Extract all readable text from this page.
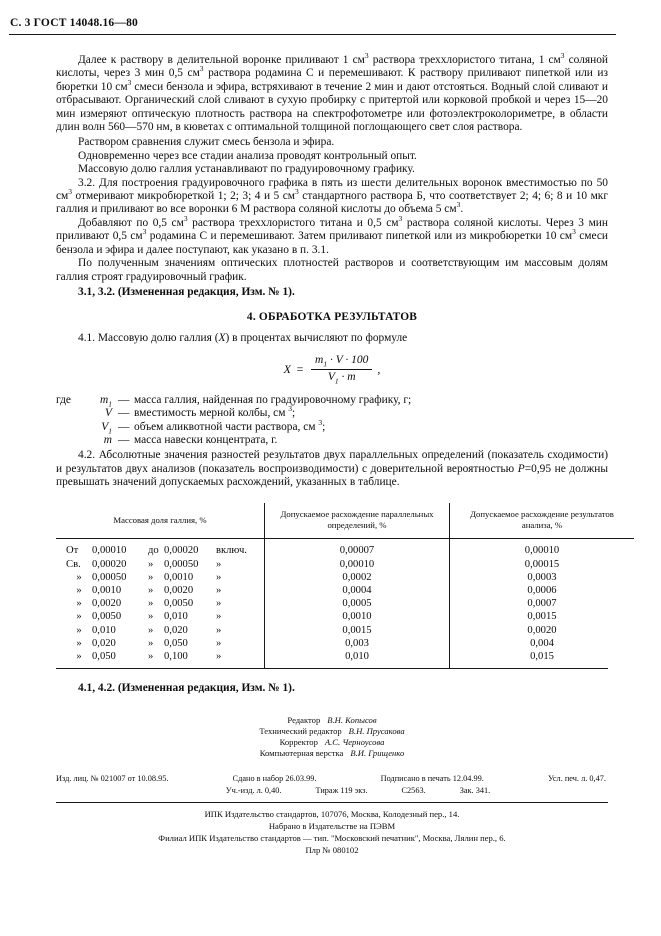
С. 3 ГОСТ 14048.16—80

Далее к раствору в делительной воронке приливают 1 $см^3$ раствора треххлористого титана, 1 $см^3$ соляной кислоты, через 3 мин 0,5 $см^3$ раствора родамина С и перемешивают. К раствору приливают пипеткой или из бюретки 10 $см^3$ смеси бензола и эфира, встряхивают в течение 2 мин и дают отстояться. Водный слой сливают и отбрасывают. Органический слой сливают в сухую пробирку с притертой или корковой пробкой и через 15—20 мин измеряют оптическую плотность раствора на спектрофотометре или фотоэлектроколориметре, в области длин волн 560—570 нм, в кюветах с оптимальной толщиной поглощающего свет слоя раствора.

Раствором сравнения служит смесь бензола и эфира.

Одновременно через все стадии анализа проводят контрольный опыт.

Массовую долю галлия устанавливают по градуировочному графику.

3.2. Для построения градуировочного графика в пять из шести делительных воронок вместимостью по 50 $см^3$ отмеривают микробюреткой 1; 2; 3; 4 и 5 $см^3$ стандартного раствора Б, что соответствует 2; 4; 6; 8 и 10 мкг галлия и приливают во все воронки 6 М раствора соляной кислоты до объема 5 $см^3$.

Добавляют по 0,5 $см^3$ раствора треххлористого титана и 0,5 $см^3$ раствора соляной кислоты. Через 3 мин приливают 0,5 $см^3$ родамина С и перемешивают. Затем приливают пипеткой или из микробюретки 10 $см^3$ смеси бензола и эфира и далее поступают, как указано в п. 3.1.

По полученным значениям оптических плотностей растворов и соответствующим им массовым долям галлия строят градуировочный график.

3.1, 3.2. (Измененная редакция, Изм. № 1).

4. ОБРАБОТКА РЕЗУЛЬТАТОВ

4.1. Массовую долю галлия (X) в процентах вычисляют по формуле

$X = \frac{m_1 \cdot V \cdot 100}{V_1 \cdot m}$ ,
где	$m_1$ — масса галлия, найденная по градуировочному графику, г;
V — вместимость мерной колбы, см $^3$;
$V_1$ — объем аликвотной части раствора, см $^3$;
m — масса навески концентрата, г.

4.2. Абсолютные значения разностей результатов двух параллельных определений (показатель сходимости) и результатов двух анализов (показатель воспроизводимости) с доверительной вероятностью P=0,95 не должны превышать значений допускаемых расхождений, указанных в таблице.

Массовая доля галлия, %	Допускаемое расхождение параллельных определений, %	Допускаемое расхождение результатов анализа, %

От 0,00010 до 0,00020 включ.	0,00007	0,00010

Св. 0,00020 » 0,00050 »	0,00010	0,00015

» 0,00050 » 0,0010 »	0,0002	0,0003

» 0,0010 » 0,0020 »	0,0004	0,0006

» 0,0020 » 0,0050 »	0,0005	0,0007

» 0,0050 » 0,010 »	0,0010	0,0015

» 0,010 » 0,020 »	0,0015	0,0020

» 0,020 » 0,050 »	0,003	0,004

» 0,050 » 0,100 »	0,010	0,015

4.1, 4.2. (Измененная редакция, Изм. № 1).

Редактор В.Н. Копысов
Технический редактор В.Н. Прусакова
Корректор А.С. Черноусова
Компьютерная верстка В.И. Грищенко
Изд. лиц. № 021007 от 10.08.95.	Сдано в набор 26.03.99.	Подписано в печать 12.04.99.	Усл. печ. л. 0,47.
Уч.-изд. л. 0,40.	Тираж 119 экз.	С2563.	Зак. 341.
ИПК Издательство стандартов, 107076, Москва, Колодезный пер., 14.
Набрано в Издательстве на ПЭВМ
Филиал ИПК Издательство стандартов — тип. "Московский печатник", Москва, Лялин пер., 6.
Плр № 080102
